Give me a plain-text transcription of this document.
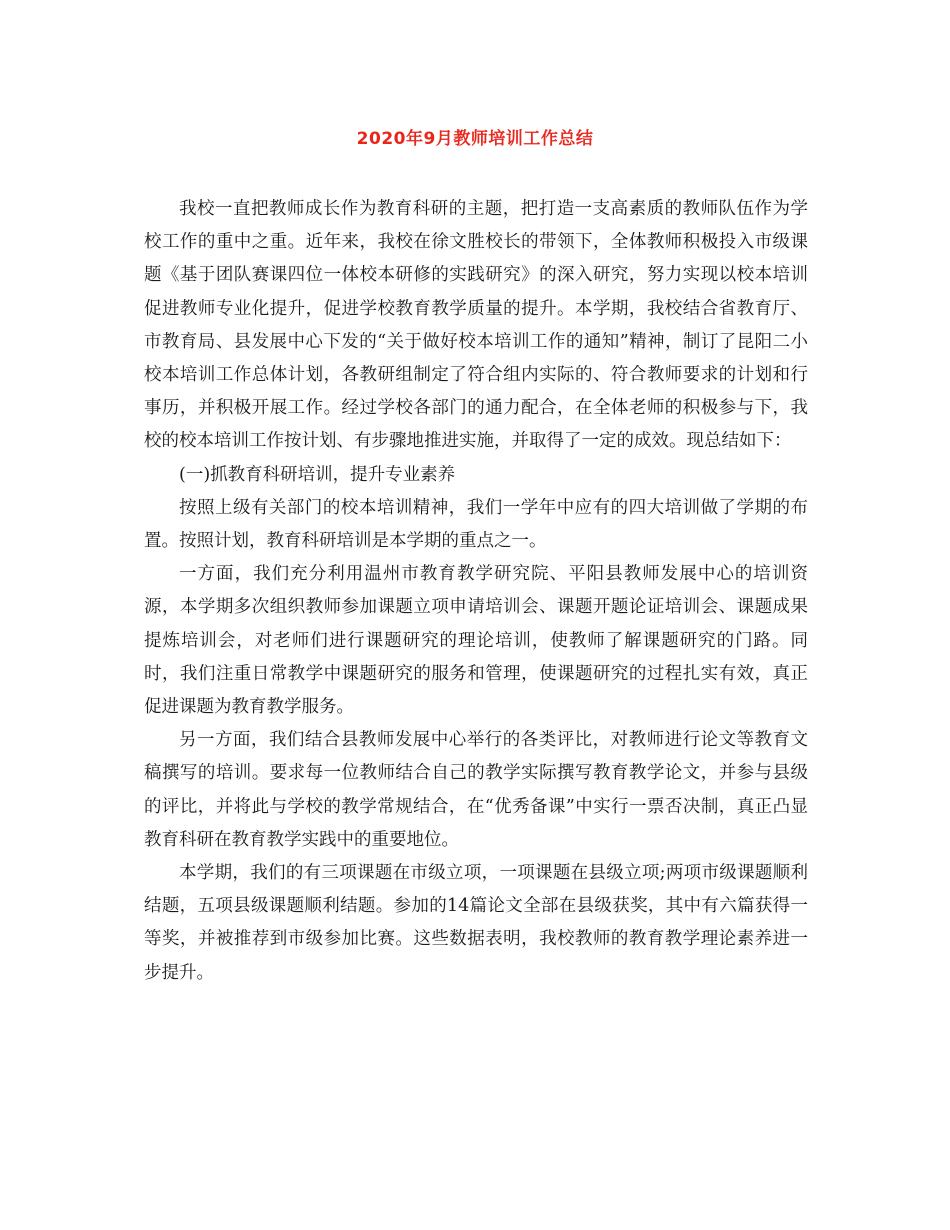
2020年9月教师培训工作总结

我校一直把教师成长作为教育科研的主题，把打造一支高素质的教师队伍作为学校工作的重中之重。近年来，我校在徐文胜校长的带领下，全体教师积极投入市级课题《基于团队赛课四位一体校本研修的实践研究》的深入研究，努力实现以校本培训促进教师专业化提升，促进学校教育教学质量的提升。本学期，我校结合省教育厅、市教育局、县发展中心下发的“关于做好校本培训工作的通知”精神，制订了昆阳二小校本培训工作总体计划，各教研组制定了符合组内实际的、符合教师要求的计划和行事历，并积极开展工作。经过学校各部门的通力配合，在全体老师的积极参与下，我校的校本培训工作按计划、有步骤地推进实施，并取得了一定的成效。现总结如下：

(一)抓教育科研培训，提升专业素养

按照上级有关部门的校本培训精神，我们一学年中应有的四大培训做了学期的布置。按照计划，教育科研培训是本学期的重点之一。

一方面，我们充分利用温州市教育教学研究院、平阳县教师发展中心的培训资源，本学期多次组织教师参加课题立项申请培训会、课题开题论证培训会、课题成果提炼培训会，对老师们进行课题研究的理论培训，使教师了解课题研究的门路。同时，我们注重日常教学中课题研究的服务和管理，使课题研究的过程扎实有效，真正促进课题为教育教学服务。

另一方面，我们结合县教师发展中心举行的各类评比，对教师进行论文等教育文稿撰写的培训。要求每一位教师结合自己的教学实际撰写教育教学论文，并参与县级的评比，并将此与学校的教学常规结合，在“优秀备课”中实行一票否决制，真正凸显教育科研在教育教学实践中的重要地位。

本学期，我们的有三项课题在市级立项，一项课题在县级立项;两项市级课题顺利结题，五项县级课题顺利结题。参加的14篇论文全部在县级获奖，其中有六篇获得一等奖，并被推荐到市级参加比赛。这些数据表明，我校教师的教育教学理论素养进一步提升。
